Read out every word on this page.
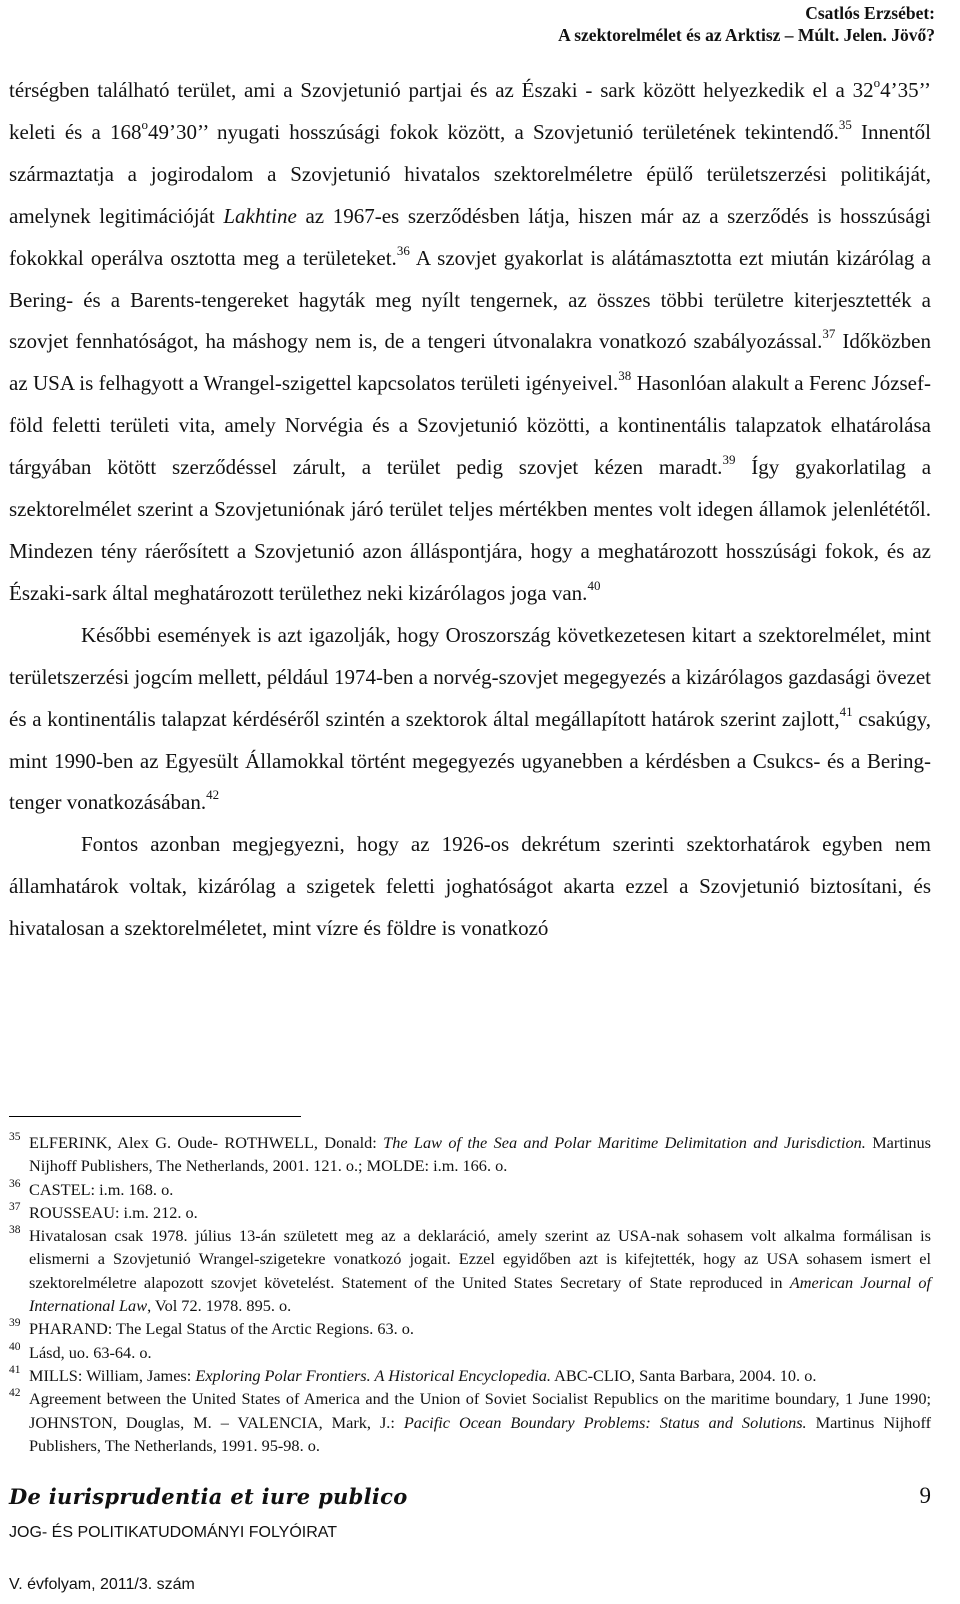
Csatlós Erzsébet:
A szektorelmélet és az Arktisz – Múlt. Jelen. Jövő?

térségben található terület, ami a Szovjetunió partjai és az Északi - sark között helyezkedik el a 32$^o$4’35’’ keleti és a 168$^o$49’30’’ nyugati hosszúsági fokok között, a Szovjetunió területének tekintendő.$^{35}$ Innentől származtatja a jogirodalom a Szovjetunió hivatalos szektorelméletre épülő területszerzési politikáját, amelynek legitimációját Lakhtine az 1967-es szerződésben látja, hiszen már az a szerződés is hosszúsági fokokkal operálva osztotta meg a területeket.$^{36}$ A szovjet gyakorlat is alátámasztotta ezt miután kizárólag a Bering- és a Barents-tengereket hagyták meg nyílt tengernek, az összes többi területre kiterjesztették a szovjet fennhatóságot, ha máshogy nem is, de a tengeri útvonalakra vonatkozó szabályozással.$^{37}$ Időközben az USA is felhagyott a Wrangel-szigettel kapcsolatos területi igényeivel.$^{38}$ Hasonlóan alakult a Ferenc József-föld feletti területi vita, amely Norvégia és a Szovjetunió közötti, a kontinentális talapzatok elhatárolása tárgyában kötött szerződéssel zárult, a terület pedig szovjet kézen maradt.$^{39}$ Így gyakorlatilag a szektorelmélet szerint a Szovjetuniónak járó terület teljes mértékben mentes volt idegen államok jelenlététől. Mindezen tény ráerősített a Szovjetunió azon álláspontjára, hogy a meghatározott hosszúsági fokok, és az Északi-sark által meghatározott területhez neki kizárólagos joga van.$^{40}$

Későbbi események is azt igazolják, hogy Oroszország következetesen kitart a szektorelmélet, mint területszerzési jogcím mellett, például 1974-ben a norvég-szovjet megegyezés a kizárólagos gazdasági övezet és a kontinentális talapzat kérdéséről szintén a szektorok által megállapított határok szerint zajlott,$^{41}$ csakúgy, mint 1990-ben az Egyesült Államokkal történt megegyezés ugyanebben a kérdésben a Csukcs- és a Bering-tenger vonatkozásában.$^{42}$

Fontos azonban megjegyezni, hogy az 1926-os dekrétum szerinti szektorhatárok egyben nem államhatárok voltak, kizárólag a szigetek feletti joghatóságot akarta ezzel a Szovjetunió biztosítani, és hivatalosan a szektorelméletet, mint vízre és földre is vonatkozó

35 ELFERINK, Alex G. Oude- ROTHWELL, Donald: The Law of the Sea and Polar Maritime Delimitation and Jurisdiction. Martinus Nijhoff Publishers, The Netherlands, 2001. 121. o.; MOLDE: i.m. 166. o.
36 CASTEL: i.m. 168. o.
37 ROUSSEAU: i.m. 212. o.
38 Hivatalosan csak 1978. július 13-án született meg az a deklaráció, amely szerint az USA-nak sohasem volt alkalma formálisan is elismerni a Szovjetunió Wrangel-szigetekre vonatkozó jogait. Ezzel egyidőben azt is kifejtették, hogy az USA sohasem ismert el szektorelméletre alapozott szovjet követelést. Statement of the United States Secretary of State reproduced in American Journal of International Law, Vol 72. 1978. 895. o.
39 PHARAND: The Legal Status of the Arctic Regions. 63. o.
40 Lásd, uo. 63-64. o.
41 MILLS: William, James: Exploring Polar Frontiers. A Historical Encyclopedia. ABC-CLIO, Santa Barbara, 2004. 10. o.
42 Agreement between the United States of America and the Union of Soviet Socialist Republics on the maritime boundary, 1 June 1990; JOHNSTON, Douglas, M. – VALENCIA, Mark, J.: Pacific Ocean Boundary Problems: Status and Solutions. Martinus Nijhoff Publishers, The Netherlands, 1991. 95-98. o.
De iurisprudentia et iure publico
JOG- ÉS POLITIKATUDOMÁNYI FOLYÓIRAT
V. évfolyam, 2011/3. szám
9
